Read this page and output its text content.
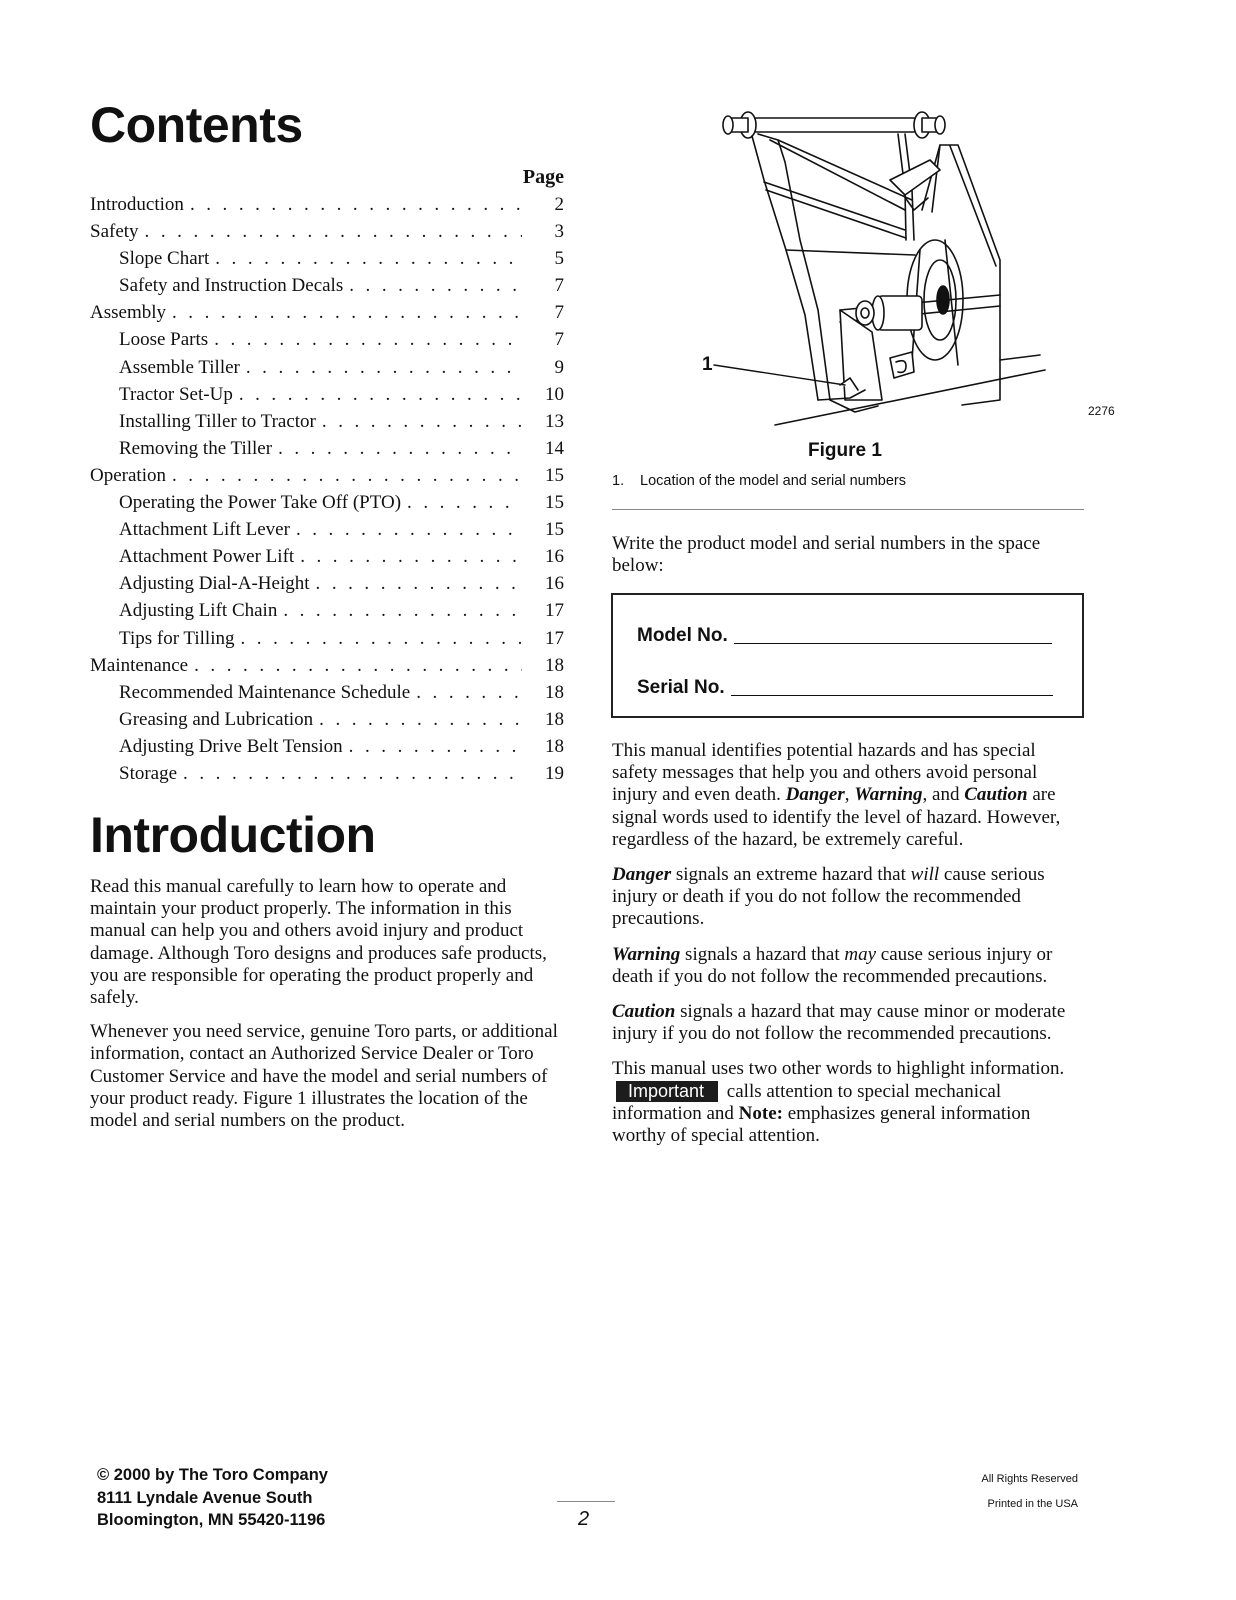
Contents
Page
Introduction . . .	2
Safety . . .	3
Slope Chart . . .	5
Safety and Instruction Decals . . .	7
Assembly . . .	7
Loose Parts . . .	7
Assemble Tiller . . .	9
Tractor Set-Up . . .	10
Installing Tiller to Tractor . . .	13
Removing the Tiller . . .	14
Operation . . .	15
Operating the Power Take Off (PTO) . . .	15
Attachment Lift Lever . . .	15
Attachment Power Lift . . .	16
Adjusting Dial-A-Height . . .	16
Adjusting Lift Chain . . .	17
Tips for Tilling . . .	17
Maintenance . . .	18
Recommended Maintenance Schedule . . .	18
Greasing and Lubrication . . .	18
Adjusting Drive Belt Tension . . .	18
Storage . . .	19
Introduction

Read this manual carefully to learn how to operate and maintain your product properly. The information in this manual can help you and others avoid injury and product damage. Although Toro designs and produces safe products, you are responsible for operating the product properly and safely.

Whenever you need service, genuine Toro parts, or additional information, contact an Authorized Service Dealer or Toro Customer Service and have the model and serial numbers of your product ready. Figure 1 illustrates the location of the model and serial numbers on the product.

1
2276
Figure 1
1. Location of the model and serial numbers
Write the product model and serial numbers in the space below:
Model No.
Serial No.

This manual identifies potential hazards and has special safety messages that help you and others avoid personal injury and even death. Danger, Warning, and Caution are signal words used to identify the level of hazard. However, regardless of the hazard, be extremely careful.

Danger signals an extreme hazard that will cause serious injury or death if you do not follow the recommended precautions.

Warning signals a hazard that may cause serious injury or death if you do not follow the recommended precautions.

Caution signals a hazard that may cause minor or moderate injury if you do not follow the recommended precautions.

This manual uses two other words to highlight information. Important calls attention to special mechanical information and Note: emphasizes general information worthy of special attention.

© 2000 by The Toro Company
8111 Lyndale Avenue South
Bloomington, MN 55420-1196	2
All Rights Reserved
Printed in the USA
